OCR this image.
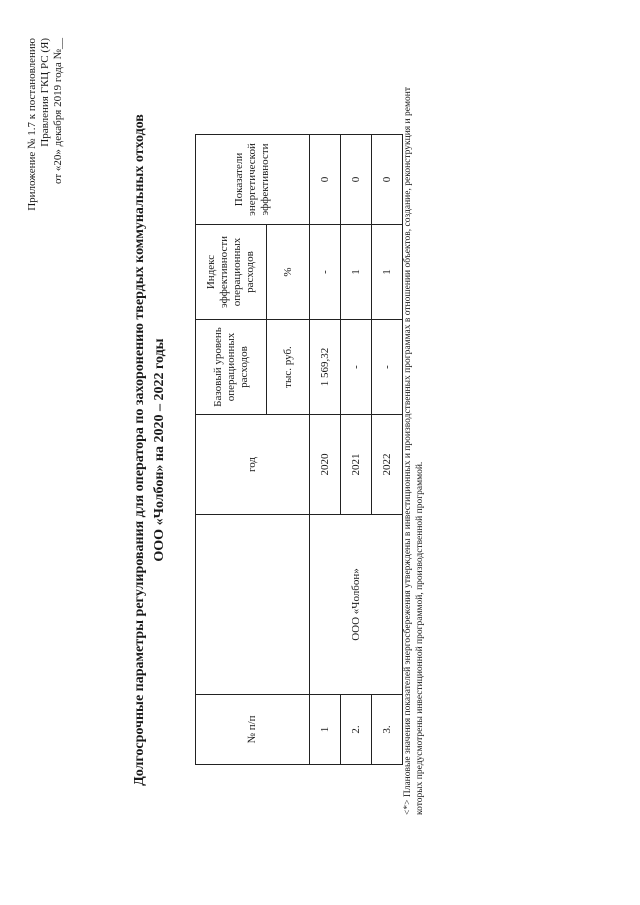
Приложение № 1.7 к постановлению Правления ГКЦ РС (Я) от «20» декабря 2019 года №__
Долгосрочные параметры регулирования для оператора по захоронению твердых коммунальных отходов ООО «Чолбон» на 2020 – 2022 годы
№ п/п		год	Базовый уровень операционных расходов	Индекс эффективности операционных расходов	Показатели энергетической эффективности
			тыс. руб.	%	
1	ООО «Чолбон»	2020	1 569,32	-	0
2.		2021	-	1	0
3.		2022	-	1	0 <*> Плановые значения показателей энергосбережения утверждены в инвестиционных и производственных программах в отношении объектов, создание, реконструкция и ремонт которых предусмотрены инвестиционной программой, производственной программой.
